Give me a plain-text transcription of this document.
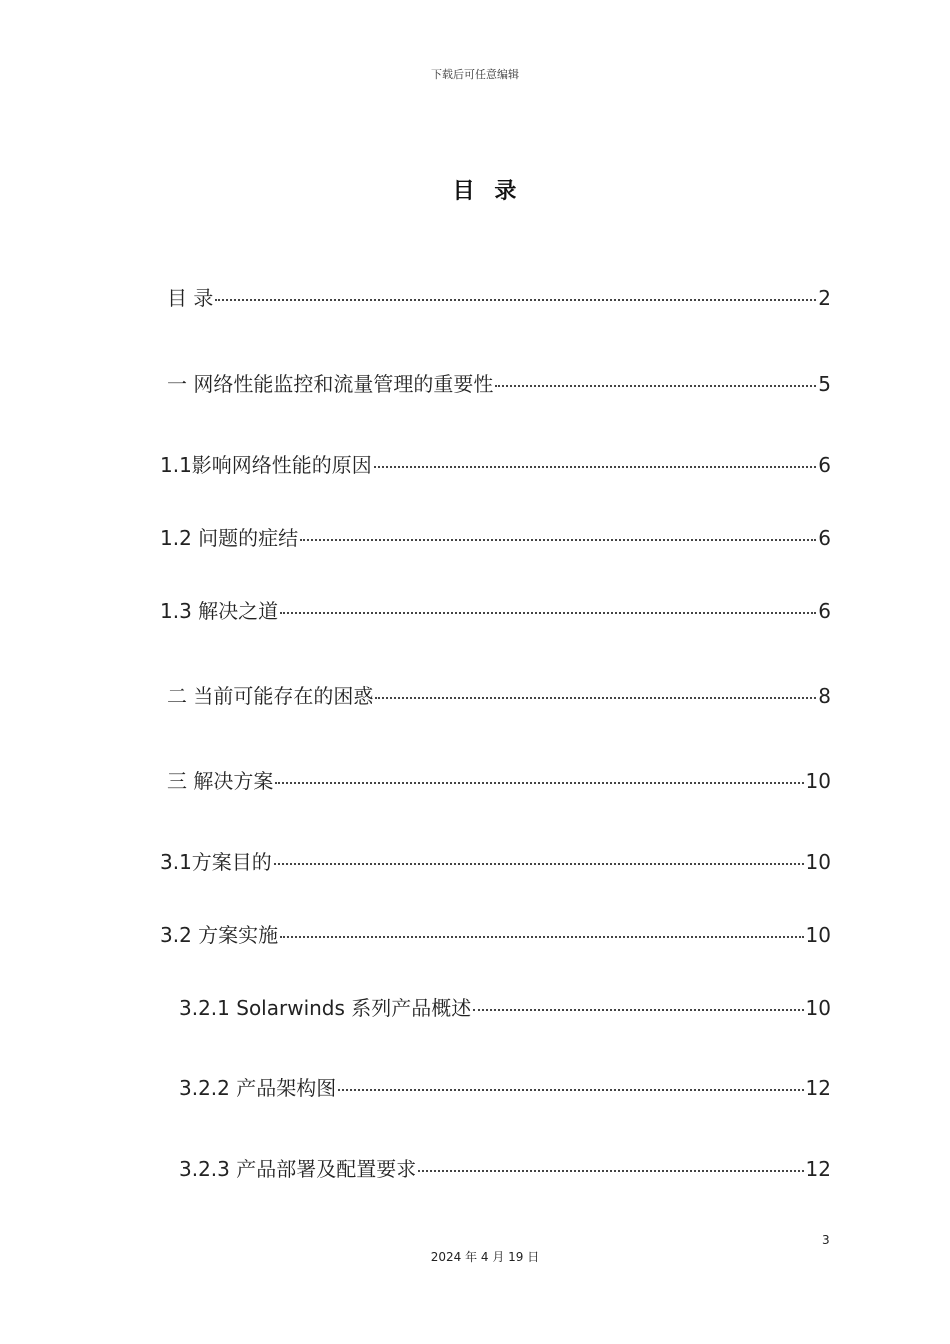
下载后可任意编辑
目 录
目 录	2
一 网络性能监控和流量管理的重要性	5
1.1影响网络性能的原因	6
1.2 问题的症结	6
1.3 解决之道	6
二 当前可能存在的困惑	8
三 解决方案	10
3.1方案目的	10
3.2 方案实施	10
3.2.1 Solarwinds 系列产品概述	10
3.2.2 产品架构图	12
3.2.3 产品部署及配置要求	12
3
2024 年 4 月 19 日
